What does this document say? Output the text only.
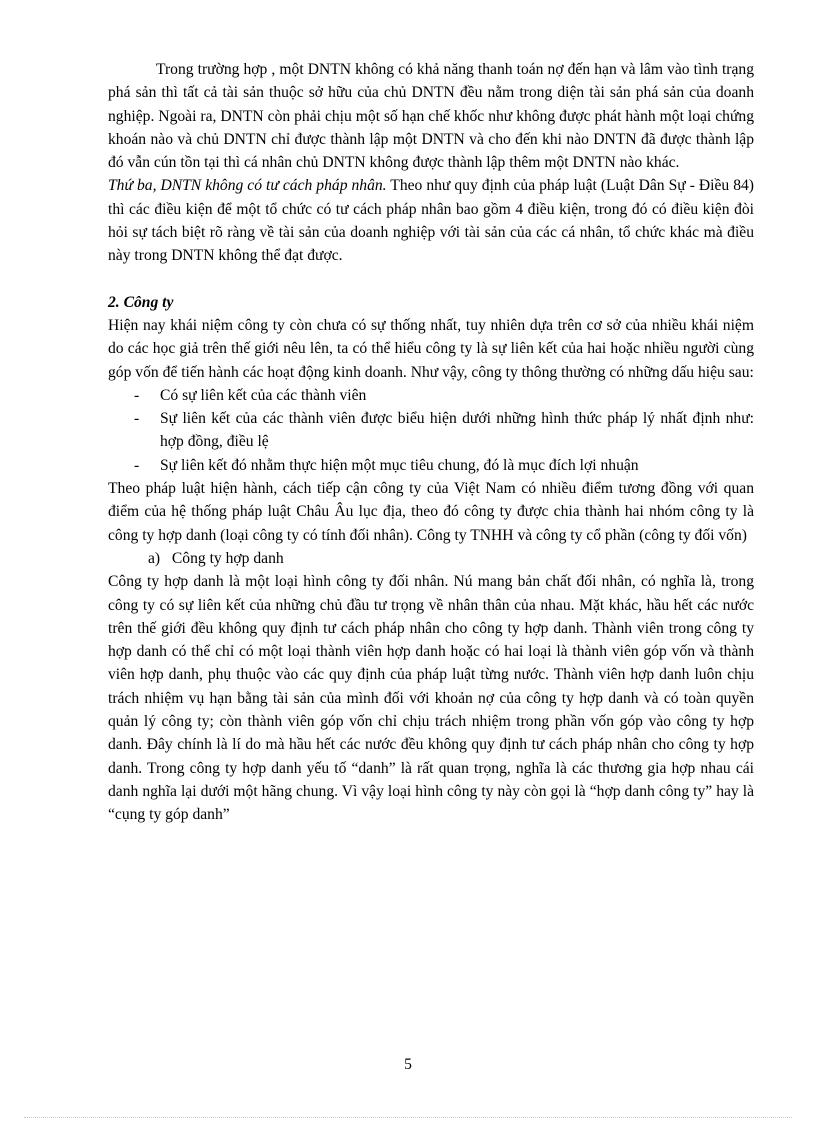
Trong trường hợp , một DNTN không có khả năng thanh toán nợ đến hạn và lâm vào tình trạng phá sản thì tất cả tài sản thuộc sở hữu của chủ DNTN đều nằm trong diện tài sản phá sản của doanh nghiệp. Ngoài ra, DNTN còn phải chịu một số hạn chế khốc như không được phát hành một loại chứng khoán nào và chủ DNTN chỉ được thành lập một DNTN và cho đến khi nào DNTN đã được thành lập đó vẫn cún tồn tại thì cá nhân chủ DNTN không được thành lập thêm một DNTN nào khác.

Thứ ba, DNTN không có tư cách pháp nhân. Theo như quy định của pháp luật (Luật Dân Sự - Điều 84) thì các điều kiện để một tổ chức có tư cách pháp nhân bao gồm 4 điều kiện, trong đó có điều kiện đòi hỏi sự tách biệt rõ ràng về tài sản của doanh nghiệp với tài sản của các cá nhân, tổ chức khác mà điều này trong DNTN không thể đạt được.

2. Công ty

Hiện nay khái niệm công ty còn chưa có sự thống nhất, tuy nhiên dựa trên cơ sở của nhiều khái niệm do các học giả trên thế giới nêu lên, ta có thể hiểu công ty là sự liên kết của hai hoặc nhiều người cùng góp vốn để tiến hành các hoạt động kinh doanh. Như vậy, công ty thông thường có những dấu hiệu sau:

- Có sự liên kết của các thành viên
- Sự liên kết của các thành viên được biểu hiện dưới những hình thức pháp lý nhất định như: hợp đồng, điều lệ
- Sự liên kết đó nhằm thực hiện một mục tiêu chung, đó là mục đích lợi nhuận

Theo pháp luật hiện hành, cách tiếp cận công ty của Việt Nam có nhiều điểm tương đồng với quan điểm của hệ thống pháp luật Châu Âu lục địa, theo đó công ty được chia thành hai nhóm công ty là công ty hợp danh (loại công ty có tính đối nhân). Công ty TNHH và công ty cổ phần (công ty đối vốn)

a) Công ty hợp danh

Công ty hợp danh là một loại hình công ty đối nhân. Nú mang bản chất đối nhân, có nghĩa là, trong công ty có sự liên kết của những chủ đầu tư trọng về nhân thân của nhau. Mặt khác, hầu hết các nước trên thế giới đều không quy định tư cách pháp nhân cho công ty hợp danh. Thành viên trong công ty hợp danh có thể chỉ có một loại thành viên hợp danh hoặc có hai loại là thành viên góp vốn và thành viên hợp danh, phụ thuộc vào các quy định của pháp luật từng nước. Thành viên hợp danh luôn chịu trách nhiệm vụ hạn bằng tài sản của mình đối với khoản nợ của công ty hợp danh và có toàn quyền quản lý công ty; còn thành viên góp vốn chỉ chịu trách nhiệm trong phần vốn góp vào công ty hợp danh. Đây chính là lí do mà hầu hết các nước đều không quy định tư cách pháp nhân cho công ty hợp danh. Trong công ty hợp danh yếu tố “danh” là rất quan trọng, nghĩa là các thương gia hợp nhau cái danh nghĩa lại dưới một hãng chung. Vì vậy loại hình công ty này còn gọi là “hợp danh công ty” hay là “cụng ty góp danh”

5
